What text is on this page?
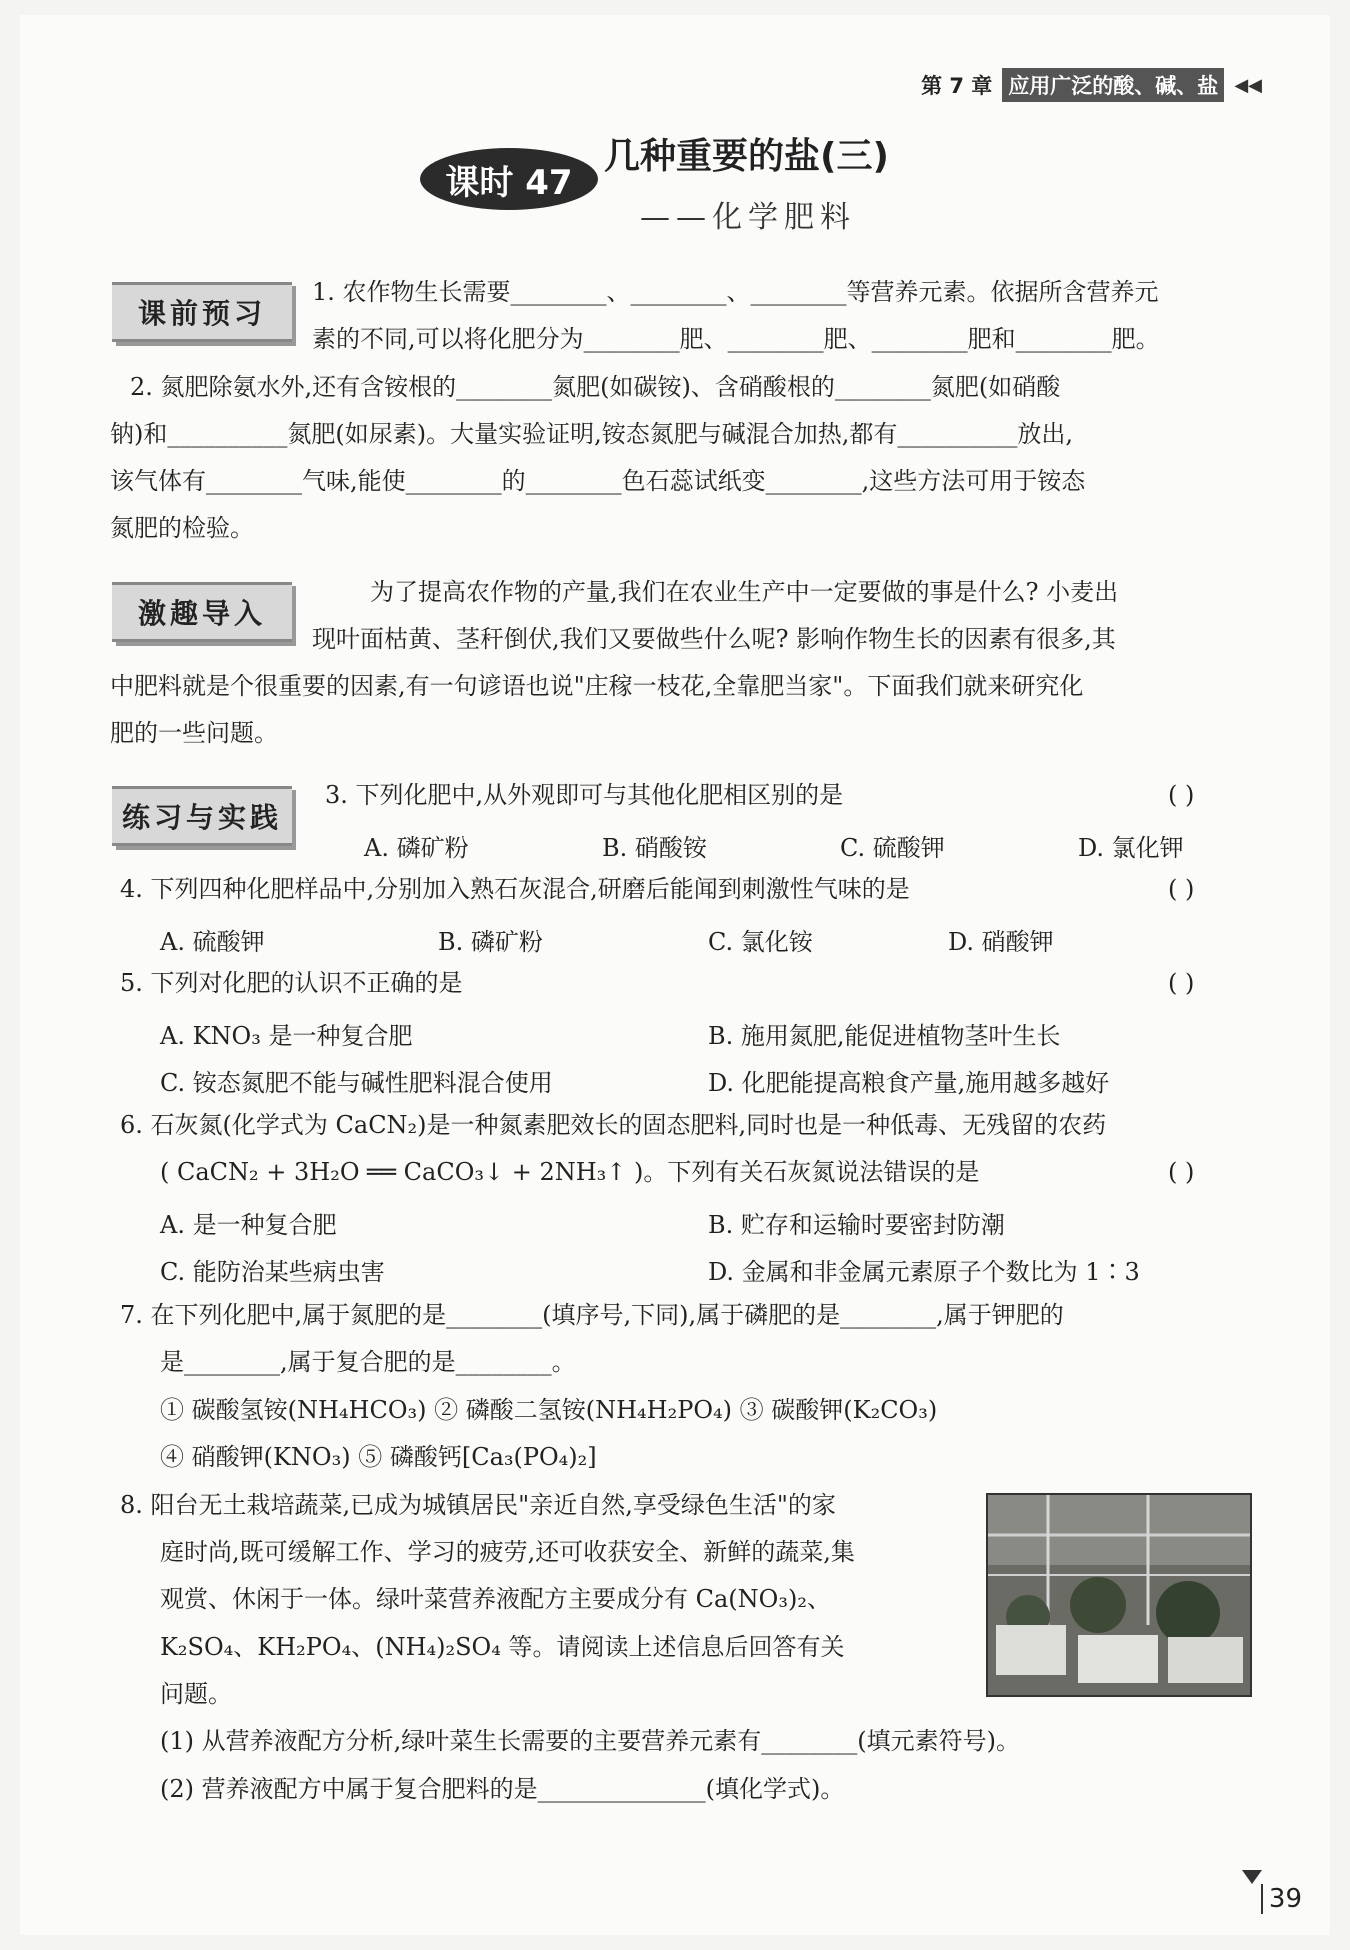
第 7 章 应用广泛的酸、碱、盐 ◀◀
课时 47
几种重要的盐(三)
——化学肥料
课前预习
激趣导入
练习与实践
1. 农作物生长需要________、________、________等营养元素。依据所含营养元
素的不同,可以将化肥分为________肥、________肥、________肥和________肥。
2. 氮肥除氨水外,还有含铵根的________氮肥(如碳铵)、含硝酸根的________氮肥(如硝酸
钠)和__________氮肥(如尿素)。大量实验证明,铵态氮肥与碱混合加热,都有__________放出,
该气体有________气味,能使________的________色石蕊试纸变________,这些方法可用于铵态
氮肥的检验。
为了提高农作物的产量,我们在农业生产中一定要做的事是什么? 小麦出
现叶面枯黄、茎秆倒伏,我们又要做些什么呢? 影响作物生长的因素有很多,其
中肥料就是个很重要的因素,有一句谚语也说"庄稼一枝花,全靠肥当家"。下面我们就来研究化
肥的一些问题。
3. 下列化肥中,从外观即可与其他化肥相区别的是	( )
A. 磷矿粉	B. 硝酸铵	C. 硫酸钾	D. 氯化钾
4. 下列四种化肥样品中,分别加入熟石灰混合,研磨后能闻到刺激性气味的是	( )
A. 硫酸钾	B. 磷矿粉	C. 氯化铵	D. 硝酸钾
5. 下列对化肥的认识不正确的是	( )
A. KNO₃ 是一种复合肥	B. 施用氮肥,能促进植物茎叶生长
C. 铵态氮肥不能与碱性肥料混合使用	D. 化肥能提高粮食产量,施用越多越好
6. 石灰氮(化学式为 CaCN₂)是一种氮素肥效长的固态肥料,同时也是一种低毒、无残留的农药
( CaCN₂ + 3H₂O ══ CaCO₃↓ + 2NH₃↑ )。下列有关石灰氮说法错误的是	( )
A. 是一种复合肥	B. 贮存和运输时要密封防潮
C. 能防治某些病虫害	D. 金属和非金属元素原子个数比为 1∶3
7. 在下列化肥中,属于氮肥的是________(填序号,下同),属于磷肥的是________,属于钾肥的
是________,属于复合肥的是________。
① 碳酸氢铵(NH₄HCO₃) ② 磷酸二氢铵(NH₄H₂PO₄) ③ 碳酸钾(K₂CO₃)
④ 硝酸钾(KNO₃) ⑤ 磷酸钙[Ca₃(PO₄)₂]
8. 阳台无土栽培蔬菜,已成为城镇居民"亲近自然,享受绿色生活"的家
庭时尚,既可缓解工作、学习的疲劳,还可收获安全、新鲜的蔬菜,集
观赏、休闲于一体。绿叶菜营养液配方主要成分有 Ca(NO₃)₂、
K₂SO₄、KH₂PO₄、(NH₄)₂SO₄ 等。请阅读上述信息后回答有关
问题。
(1) 从营养液配方分析,绿叶菜生长需要的主要营养元素有________(填元素符号)。
(2) 营养液配方中属于复合肥料的是______________(填化学式)。
39
